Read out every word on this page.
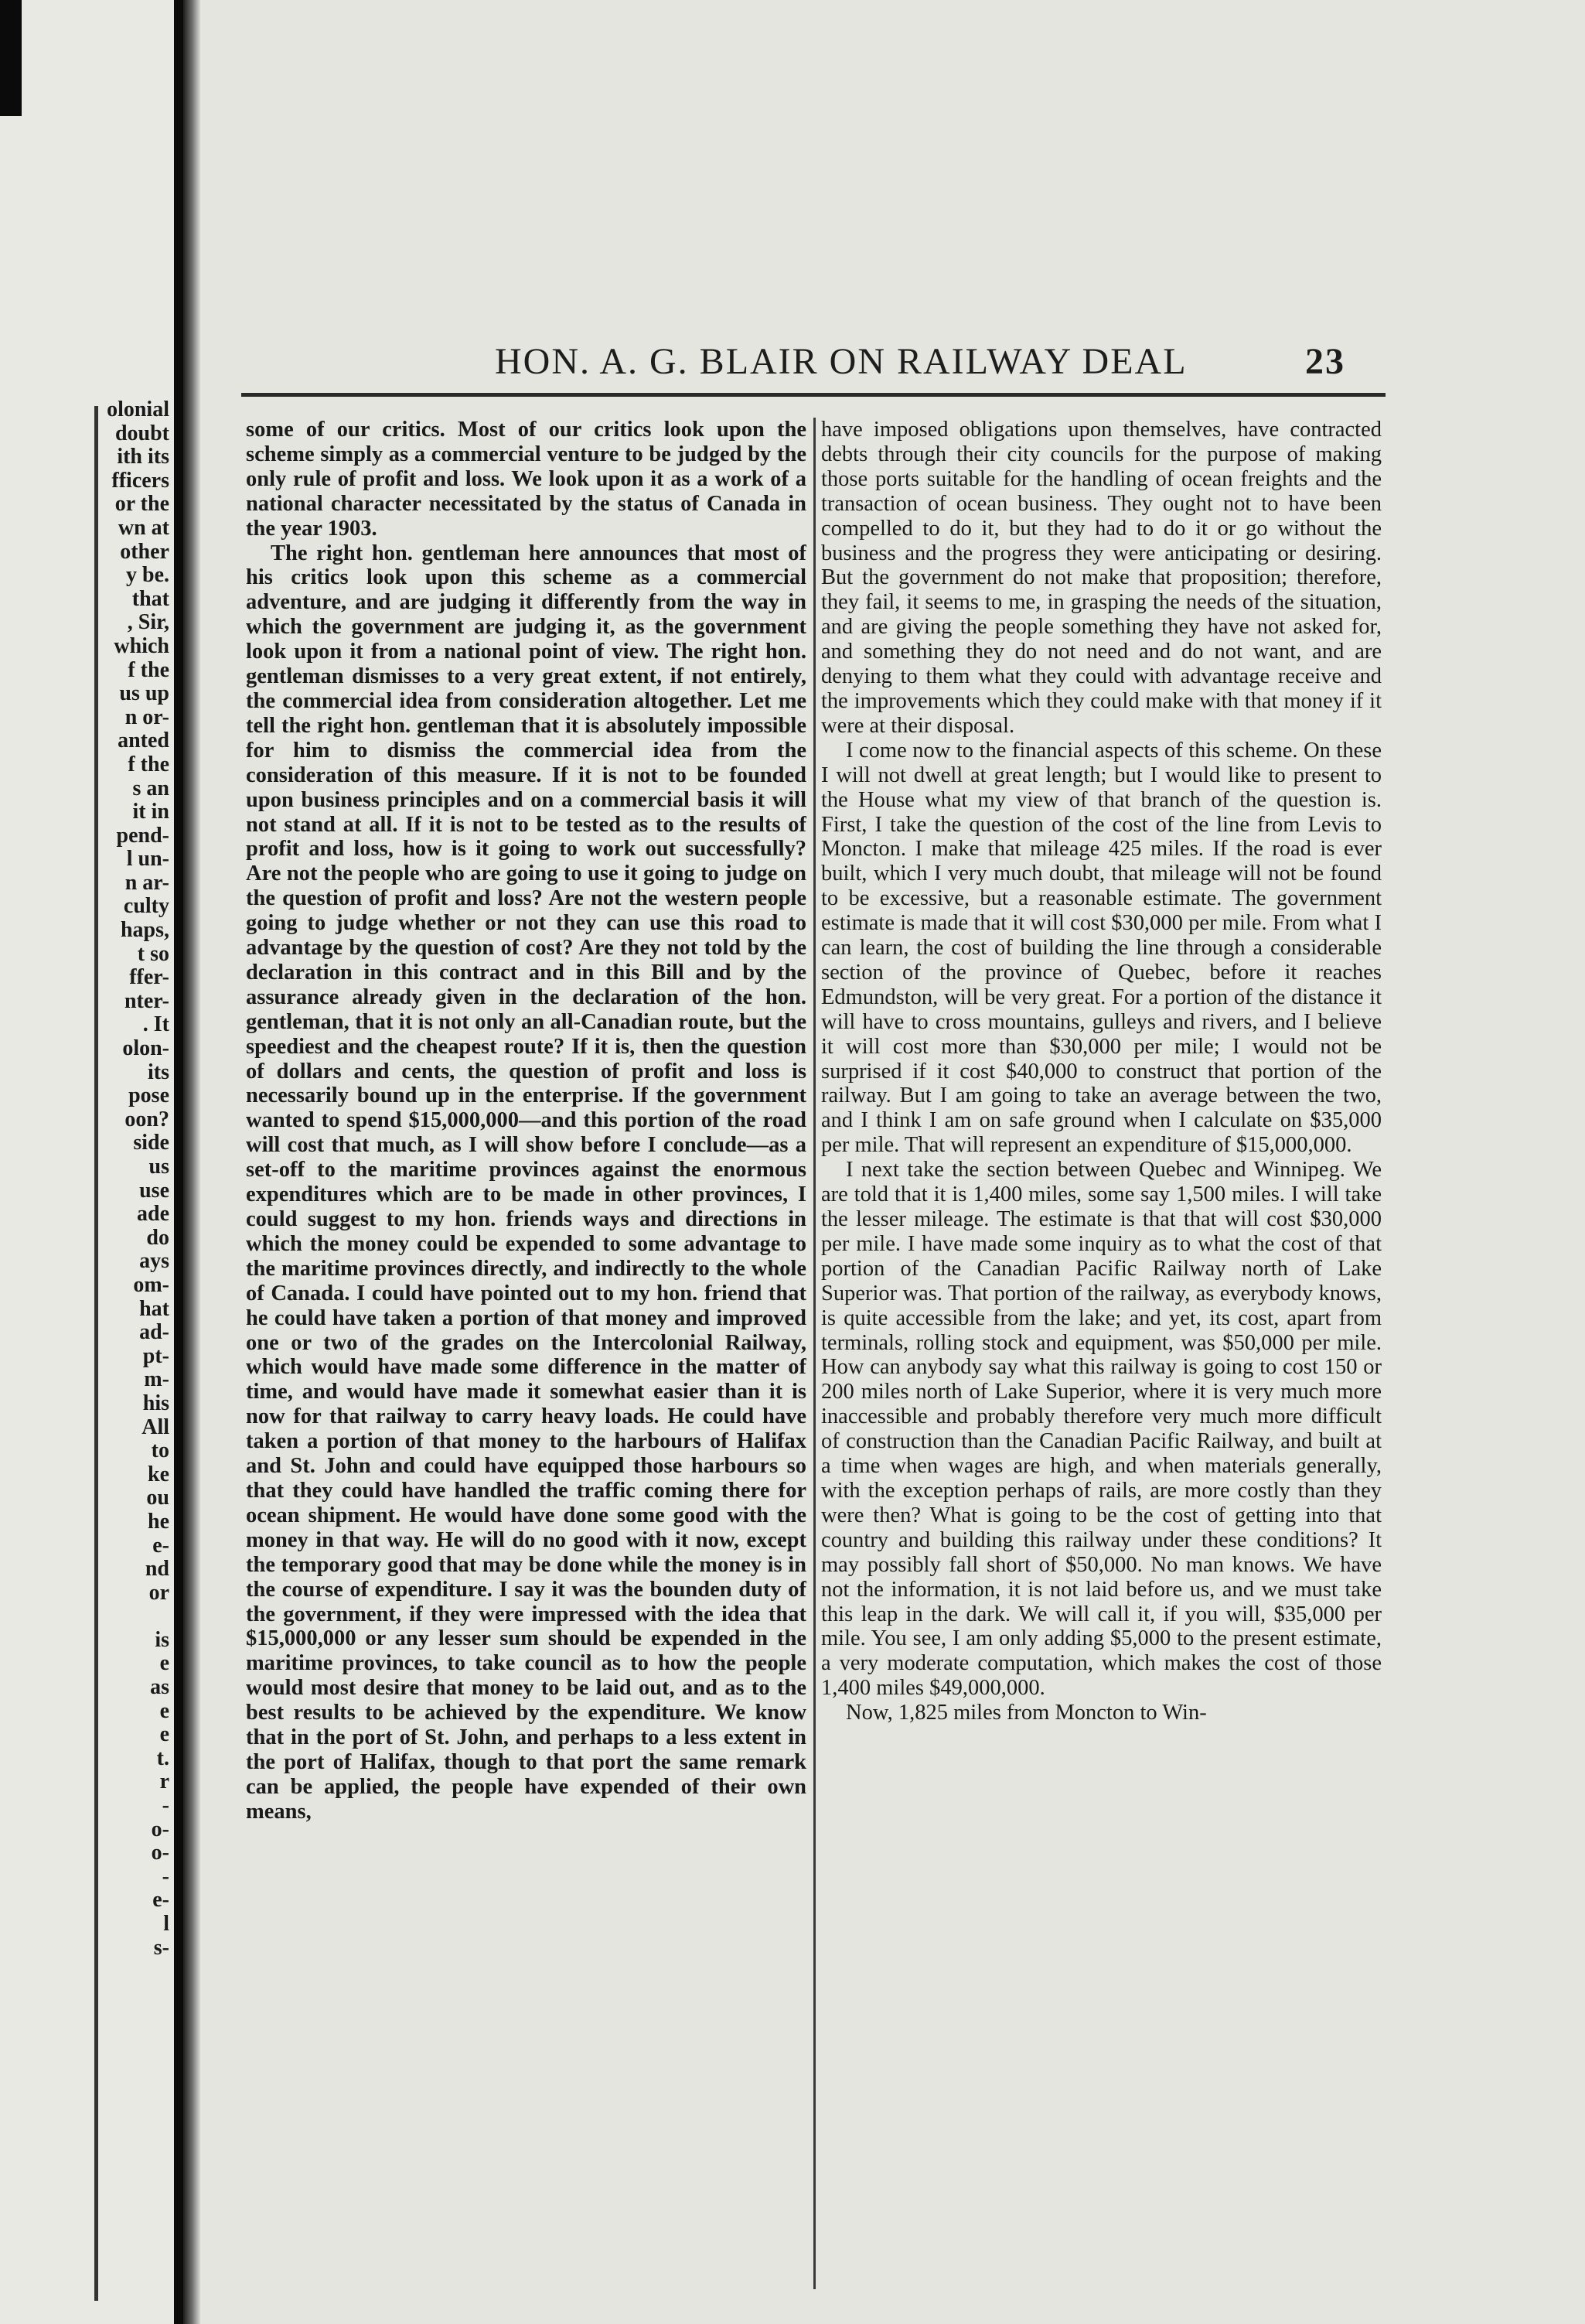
olonial
doubt
ith its
fficers
or the
wn at
other
y be.
that
, Sir,
which
f the
us up
n or-
anted
f the
s an
it in
pend-
l un-
n ar-
culty
haps,
t so
ffer-
nter-
. It
olon-
its
pose
oon?
side
us
use
ade
do
ays
om-
hat
ad-
pt-
m-
his
All
to
ke
ou
he
e-
nd
or
is
e
as
e
e
t.
r
-
o-
o-
-
e-
l
s-
HON. A. G. BLAIR ON RAILWAY DEAL	23

some of our critics. Most of our critics look upon the scheme simply as a commercial venture to be judged by the only rule of profit and loss. We look upon it as a work of a national character necessitated by the status of Canada in the year 1903.

The right hon. gentleman here announces that most of his critics look upon this scheme as a commercial adventure, and are judging it differently from the way in which the government are judging it, as the government look upon it from a national point of view. The right hon. gentleman dismisses to a very great extent, if not entirely, the commercial idea from consideration altogether. Let me tell the right hon. gentleman that it is absolutely impossible for him to dismiss the commercial idea from the consideration of this measure. If it is not to be founded upon business principles and on a commercial basis it will not stand at all. If it is not to be tested as to the results of profit and loss, how is it going to work out successfully? Are not the people who are going to use it going to judge on the question of profit and loss? Are not the western people going to judge whether or not they can use this road to advantage by the question of cost? Are they not told by the declaration in this contract and in this Bill and by the assurance already given in the declaration of the hon. gentleman, that it is not only an all-Canadian route, but the speediest and the cheapest route? If it is, then the question of dollars and cents, the question of profit and loss is necessarily bound up in the enterprise. If the government wanted to spend $15,000,000—and this portion of the road will cost that much, as I will show before I conclude—as a set-off to the maritime provinces against the enormous expenditures which are to be made in other provinces, I could suggest to my hon. friends ways and directions in which the money could be expended to some advantage to the maritime provinces directly, and indirectly to the whole of Canada. I could have pointed out to my hon. friend that he could have taken a portion of that money and improved one or two of the grades on the Intercolonial Railway, which would have made some difference in the matter of time, and would have made it somewhat easier than it is now for that railway to carry heavy loads. He could have taken a portion of that money to the harbours of Halifax and St. John and could have equipped those harbours so that they could have handled the traffic coming there for ocean shipment. He would have done some good with the money in that way. He will do no good with it now, except the temporary good that may be done while the money is in the course of expenditure. I say it was the bounden duty of the government, if they were impressed with the idea that $15,000,000 or any lesser sum should be expended in the maritime provinces, to take council as to how the people would most desire that money to be laid out, and as to the best results to be achieved by the expenditure. We know that in the port of St. John, and perhaps to a less extent in the port of Halifax, though to that port the same remark can be applied, the people have expended of their own means,

have imposed obligations upon themselves, have contracted debts through their city councils for the purpose of making those ports suitable for the handling of ocean freights and the transaction of ocean business. They ought not to have been compelled to do it, but they had to do it or go without the business and the progress they were anticipating or desiring. But the government do not make that proposition; therefore, they fail, it seems to me, in grasping the needs of the situation, and are giving the people something they have not asked for, and something they do not need and do not want, and are denying to them what they could with advantage receive and the improvements which they could make with that money if it were at their disposal.

I come now to the financial aspects of this scheme. On these I will not dwell at great length; but I would like to present to the House what my view of that branch of the question is. First, I take the question of the cost of the line from Levis to Moncton. I make that mileage 425 miles. If the road is ever built, which I very much doubt, that mileage will not be found to be excessive, but a reasonable estimate. The government estimate is made that it will cost $30,000 per mile. From what I can learn, the cost of building the line through a considerable section of the province of Quebec, before it reaches Edmundston, will be very great. For a portion of the distance it will have to cross mountains, gulleys and rivers, and I believe it will cost more than $30,000 per mile; I would not be surprised if it cost $40,000 to construct that portion of the railway. But I am going to take an average between the two, and I think I am on safe ground when I calculate on $35,000 per mile. That will represent an expenditure of $15,000,000.

I next take the section between Quebec and Winnipeg. We are told that it is 1,400 miles, some say 1,500 miles. I will take the lesser mileage. The estimate is that that will cost $30,000 per mile. I have made some inquiry as to what the cost of that portion of the Canadian Pacific Railway north of Lake Superior was. That portion of the railway, as everybody knows, is quite accessible from the lake; and yet, its cost, apart from terminals, rolling stock and equipment, was $50,000 per mile. How can anybody say what this railway is going to cost 150 or 200 miles north of Lake Superior, where it is very much more inaccessible and probably therefore very much more difficult of construction than the Canadian Pacific Railway, and built at a time when wages are high, and when materials generally, with the exception perhaps of rails, are more costly than they were then? What is going to be the cost of getting into that country and building this railway under these conditions? It may possibly fall short of $50,000. No man knows. We have not the information, it is not laid before us, and we must take this leap in the dark. We will call it, if you will, $35,000 per mile. You see, I am only adding $5,000 to the present estimate, a very moderate computation, which makes the cost of those 1,400 miles $49,000,000.

Now, 1,825 miles from Moncton to Win-
